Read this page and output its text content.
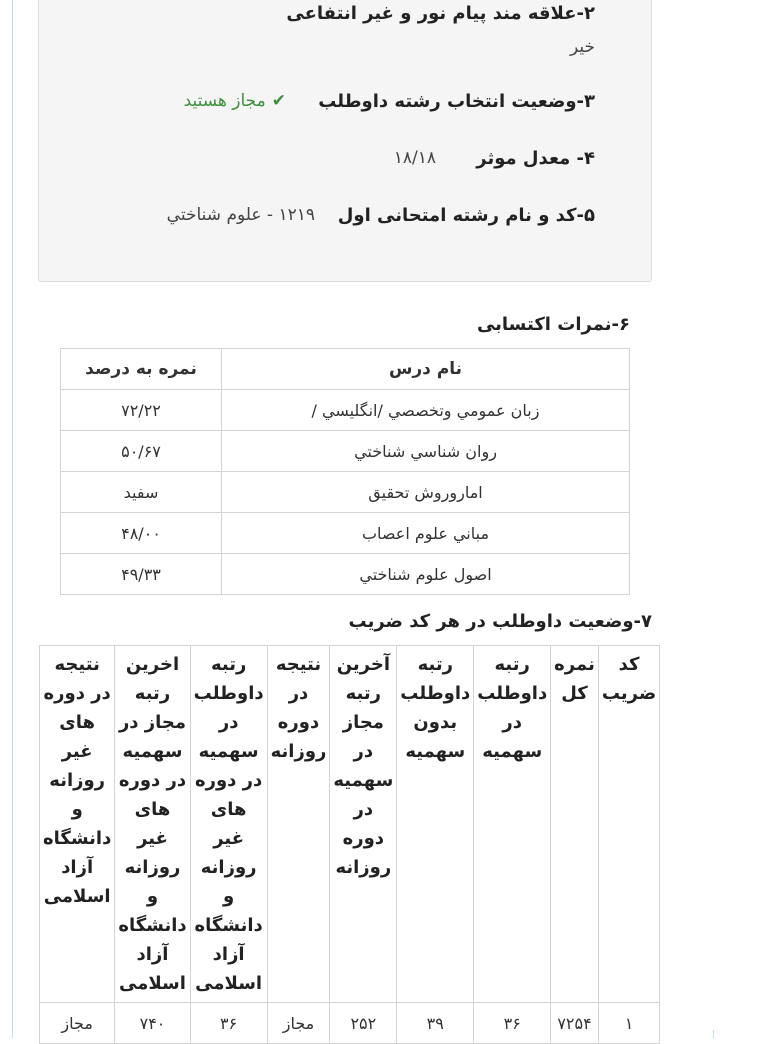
۲-علاقه مند پیام نور و غیر انتفاعی
خیر
۳-وضعیت انتخاب رشته داوطلب
✔مجاز هستید
۴- معدل موثر
۱۸/۱۸
۵-کد و نام رشته امتحانی اول
۱۲۱۹ - علوم شناختي
۶-نمرات اکتسابی
نام درس	نمره به درصد
زبان عمومي وتخصصي /انگليسي /	۷۲/۲۲
روان شناسي شناختي	۵۰/۶۷
اماروروش تحقيق	سفید
مباني علوم اعصاب	۴۸/۰۰
اصول علوم شناختي	۴۹/۳۳
۷-وضعیت داوطلب در هر کد ضریب
کد ضریب	نمره کل	رتبه داوطلب در سهمیه	رتبه داوطلب بدون سهمیه	آخرین رتبه مجاز در سهمیه در دوره روزانه	نتیجه در دوره روزانه	رتبه داوطلب در سهمیه در دوره های غیر روزانه و دانشگاه آزاد اسلامی	اخرین رتبه مجاز در سهمیه در دوره های غیر روزانه و دانشگاه آزاد اسلامی	نتیجه در دوره های غیر روزانه و دانشگاه آزاد اسلامی
۱	۷۲۵۴	۳۶	۳۹	۲۵۲	مجاز	۳۶	۷۴۰	مجاز
